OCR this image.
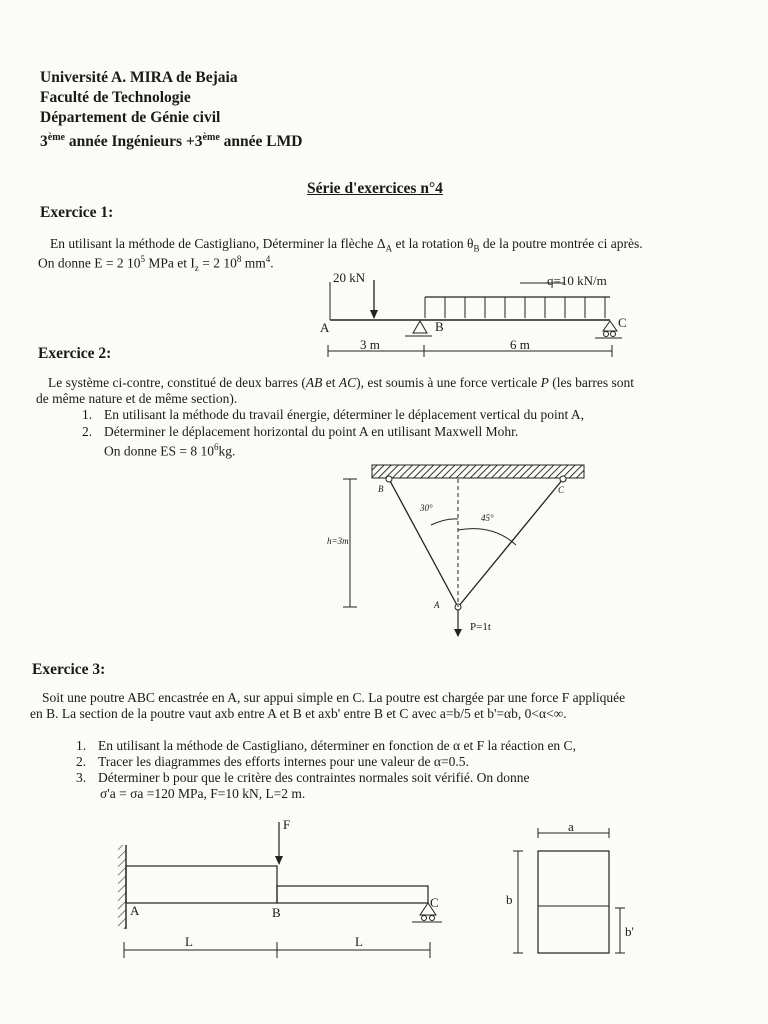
Université A. MIRA de Bejaia
Faculté de Technologie
Département de Génie civil
3ème année Ingénieurs +3ème année LMD
Série d'exercices n°4
Exercice 1:
En utilisant la méthode de Castigliano, Déterminer la flèche $\Delta_A$ et la rotation $\theta_B$ de la poutre montrée ci après.
On donne E = 2 $10^5$ MPa et $I_z = 2$ $10^8$ $mm^4$.
20 kN
A
q=10 kN/m
B	C
3 m	6 m
Exercice 2:
Le système ci-contre, constitué de deux barres (AB et AC), est soumis à une force verticale P (les barres sont
de même nature et de même section).
1. En utilisant la méthode du travail énergie, déterminer le déplacement vertical du point A,
2. Déterminer le déplacement horizontal du point A en utilisant Maxwell Mohr.
On donne ES = 8 $10^6kg$.
30°
45°
B	C
A
h=3m
P=1t
Exercice 3:
Soit une poutre ABC encastrée en A, sur appui simple en C. La poutre est chargée par une force F appliquée
en B. La section de la poutre vaut axb entre A et B et axb' entre B et C avec a=b/5 et b'=αb, 0<α<∞.
1. En utilisant la méthode de Castigliano, déterminer en fonction de α et F la réaction en C,
2. Tracer les diagrammes des efforts internes pour une valeur de α=0.5.
3. Déterminer b pour que le critère des contraintes normales soit vérifié. On donne
σ'a = σa =120 MPa, F=10 kN, L=2 m.
F
A	B
C
L	L
a
b
b'
